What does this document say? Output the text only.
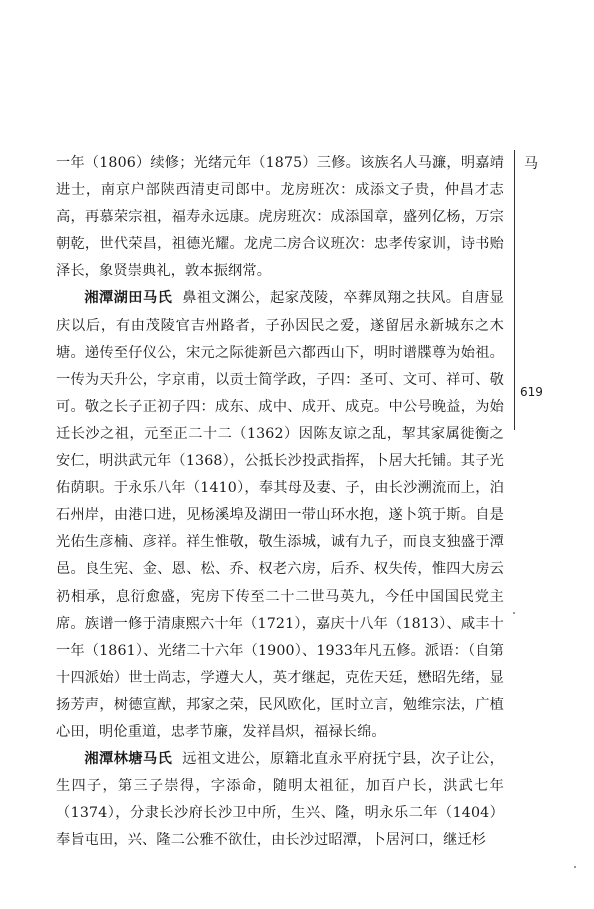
一年（1806）续修；光绪元年（1875）三修。该族名人马濂，明嘉靖进士，南京户部陕西清吏司郎中。龙房班次：成添文子贵，仲昌才志高，再慕荣宗祖，福寿永远康。虎房班次：成添国章，盛列亿杨，万宗朝乾，世代荣昌，祖德光耀。龙虎二房合议班次：忠孝传家训，诗书贻泽长，象贤崇典礼，敦本振纲常。

湘潭湖田马氏 鼻祖文渊公，起家茂陵，卒葬凤翔之扶风。自唐显庆以后，有由茂陵官吉州路者，子孙因民之爱，遂留居永新城东之木塘。递传至仔仪公，宋元之际徙新邑六都西山下，明时谱牒尊为始祖。一传为天升公，字京甫，以贡士简学政，子四：圣可、文可、祥可、敬可。敬之长子正初子四：成东、成中、成开、成克。中公号晚益，为始迁长沙之祖，元至正二十二（1362）因陈友谅之乱，挈其家属徙衡之安仁，明洪武元年（1368），公抵长沙投武指挥，卜居大托铺。其子光佑荫职。于永乐八年（1410），奉其母及妻、子，由长沙溯流而上，泊石州岸，由港口进，见杨溪埠及湖田一带山环水抱，遂卜筑于斯。自是光佑生彦楠、彦祥。祥生惟敬，敬生添城，诚有九子，而良支独盛于潭邑。良生宪、金、恩、松、乔、权老六房，后乔、权失传，惟四大房云礽相承，息衍愈盛，宪房下传至二十二世马英九，今任中国国民党主席。族谱一修于清康熙六十年（1721），嘉庆十八年（1813）、咸丰十一年（1861）、光绪二十六年（1900）、1933年凡五修。派语：（自第十四派始）世士尚志，学遵大人，英才继起，克佐天廷，懋昭先绪，显扬芳声，树德宣猷，邦家之荣，民风欧化，匡时立言，勉维宗法，广植心田，明伦重道，忠孝节廉，发祥昌炽，福禄长绵。

湘潭林塘马氏 远祖文进公，原籍北直永平府抚宁县，次子让公，生四子，第三子崇得，字添命，随明太祖征，加百户长，洪武七年（1374），分隶长沙府长沙卫中所，生兴、隆，明永乐二年（1404）奉旨屯田，兴、隆二公雅不欲仕，由长沙过昭潭，卜居河口，继迁杉

马
619
